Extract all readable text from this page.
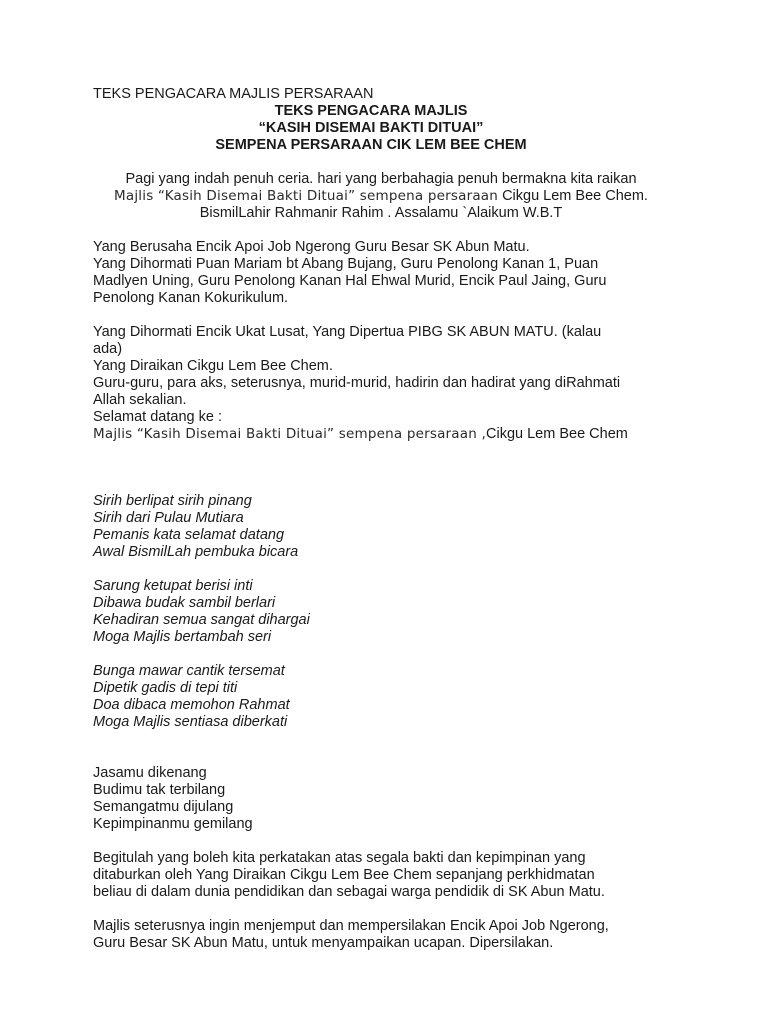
TEKS PENGACARA MAJLIS PERSARAAN
TEKS PENGACARA MAJLIS
“KASIH DISEMAI BAKTI DITUAI”
SEMPENA PERSARAAN CIK LEM BEE CHEM
Pagi yang indah penuh ceria. hari yang berbahagia penuh bermakna kita raikan
Majlis “Kasih Disemai Bakti Dituai” sempena persaraan Cikgu Lem Bee Chem.
BismilLahir Rahmanir Rahim . Assalamu `Alaikum W.B.T
Yang Berusaha Encik Apoi Job Ngerong Guru Besar SK Abun Matu.
Yang Dihormati Puan Mariam bt Abang Bujang, Guru Penolong Kanan 1, Puan
Madlyen Uning, Guru Penolong Kanan Hal Ehwal Murid, Encik Paul Jaing, Guru
Penolong Kanan Kokurikulum.
Yang Dihormati Encik Ukat Lusat, Yang Dipertua PIBG SK ABUN MATU. (kalau
ada)
Yang Diraikan Cikgu Lem Bee Chem.
Guru-guru, para aks, seterusnya, murid-murid, hadirin dan hadirat yang diRahmati
Allah sekalian.
Selamat datang ke :
Majlis “Kasih Disemai Bakti Dituai” sempena persaraan ,Cikgu Lem Bee Chem
Sirih berlipat sirih pinang
Sirih dari Pulau Mutiara
Pemanis kata selamat datang
Awal BismilLah pembuka bicara
Sarung ketupat berisi inti
Dibawa budak sambil berlari
Kehadiran semua sangat dihargai
Moga Majlis bertambah seri
Bunga mawar cantik tersemat
Dipetik gadis di tepi titi
Doa dibaca memohon Rahmat
Moga Majlis sentiasa diberkati
Jasamu dikenang
Budimu tak terbilang
Semangatmu dijulang
Kepimpinanmu gemilang
Begitulah yang boleh kita perkatakan atas segala bakti dan kepimpinan yang
ditaburkan oleh Yang Diraikan Cikgu Lem Bee Chem sepanjang perkhidmatan
beliau di dalam dunia pendidikan dan sebagai warga pendidik di SK Abun Matu.
Majlis seterusnya ingin menjemput dan mempersilakan Encik Apoi Job Ngerong,
Guru Besar SK Abun Matu, untuk menyampaikan ucapan. Dipersilakan.
